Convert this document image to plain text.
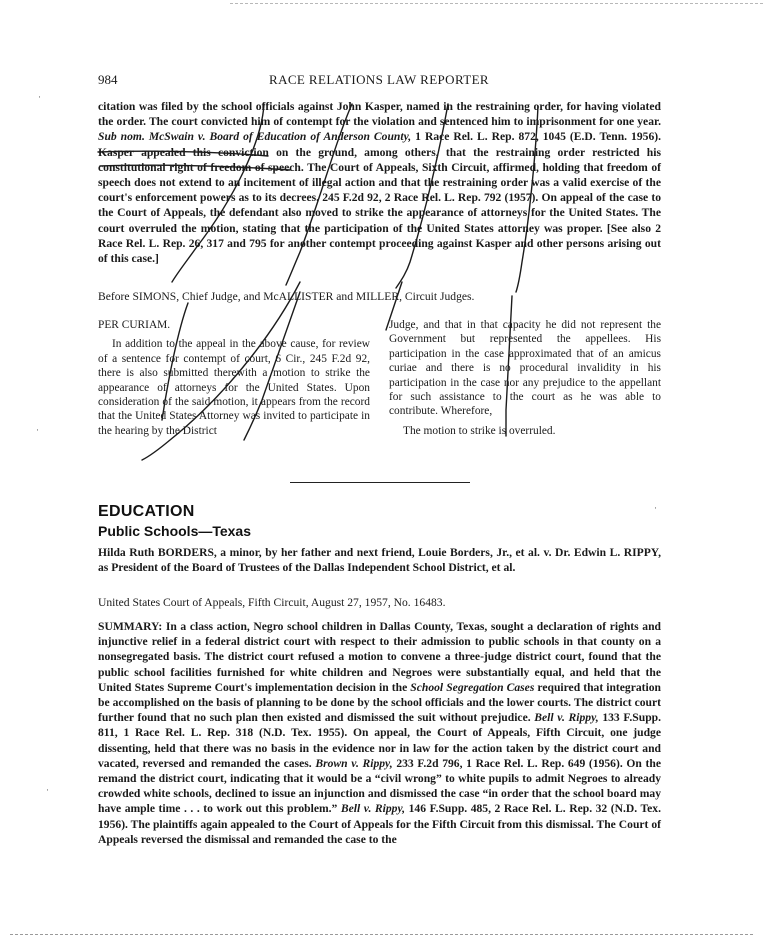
984	RACE RELATIONS LAW REPORTER
citation was filed by the school officials against John Kasper, named in the restraining order, for having violated the order. The court convicted him of contempt for the violation and sentenced him to imprisonment for one year. Sub nom. McSwain v. Board of Education of Anderson County, 1 Race Rel. L. Rep. 872, 1045 (E.D. Tenn. 1956). Kasper appealed this conviction on the ground, among others, that the restraining order restricted his constitutional right of freedom of speech. The Court of Appeals, Sixth Circuit, affirmed, holding that freedom of speech does not extend to an incitement of illegal action and that the restraining order was a valid exercise of the court's enforcement powers as to its decrees. 245 F.2d 92, 2 Race Rel. L. Rep. 792 (1957). On appeal of the case to the Court of Appeals, the defendant also moved to strike the appearance of attorneys for the United States. The court overruled the motion, stating that the participation of the United States attorney was proper. [See also 2 Race Rel. L. Rep. 26, 317 and 795 for another contempt proceeding against Kasper and other persons arising out of this case.]
Before SIMONS, Chief Judge, and McALLISTER and MILLER, Circuit Judges.

PER CURIAM.

In addition to the appeal in the above cause, for review of a sentence for contempt of court, 6 Cir., 245 F.2d 92, there is also submitted therewith a motion to strike the appearance of attorneys for the United States. Upon consideration of the said motion, it appears from the record that the United States Attorney was invited to participate in the hearing by the District

Judge, and that in that capacity he did not represent the Government but represented the appellees. His participation in the case approximated that of an amicus curiae and there is no procedural invalidity in his participation in the case nor any prejudice to the appellant for such assistance to the court as he was able to contribute. Wherefore,

The motion to strike is overruled.

EDUCATION
Public Schools—Texas
Hilda Ruth BORDERS, a minor, by her father and next friend, Louie Borders, Jr., et al. v. Dr. Edwin L. RIPPY, as President of the Board of Trustees of the Dallas Independent School District, et al.
United States Court of Appeals, Fifth Circuit, August 27, 1957, No. 16483.
SUMMARY: In a class action, Negro school children in Dallas County, Texas, sought a declaration of rights and injunctive relief in a federal district court with respect to their admission to public schools in that county on a nonsegregated basis. The district court refused a motion to convene a three-judge district court, found that the public school facilities furnished for white children and Negroes were substantially equal, and held that the United States Supreme Court's implementation decision in the School Segregation Cases required that integration be accomplished on the basis of planning to be done by the school officials and the lower courts. The district court further found that no such plan then existed and dismissed the suit without prejudice. Bell v. Rippy, 133 F.Supp. 811, 1 Race Rel. L. Rep. 318 (N.D. Tex. 1955). On appeal, the Court of Appeals, Fifth Circuit, one judge dissenting, held that there was no basis in the evidence nor in law for the action taken by the district court and vacated, reversed and remanded the cases. Brown v. Rippy, 233 F.2d 796, 1 Race Rel. L. Rep. 649 (1956). On the remand the district court, indicating that it would be a “civil wrong” to white pupils to admit Negroes to already crowded white schools, declined to issue an injunction and dismissed the case “in order that the school board may have ample time . . . to work out this problem.” Bell v. Rippy, 146 F.Supp. 485, 2 Race Rel. L. Rep. 32 (N.D. Tex. 1956). The plaintiffs again appealed to the Court of Appeals for the Fifth Circuit from this dismissal. The Court of Appeals reversed the dismissal and remanded the case to the
·
·
·
·
